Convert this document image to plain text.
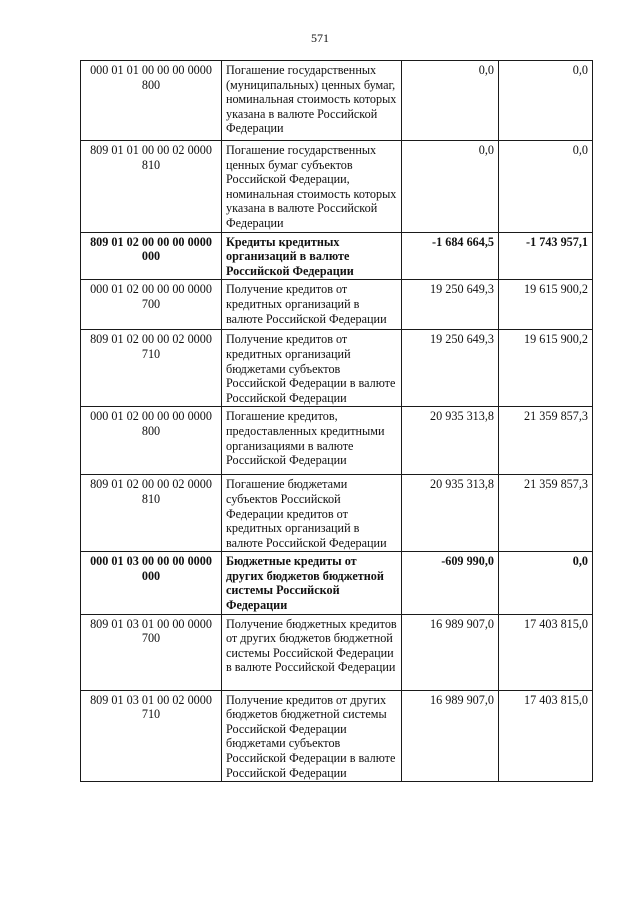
571
000 01 01 00 00 00 0000 800	Погашение государственных (муниципальных) ценных бумаг, номинальная стоимость которых указана в валюте Российской Федерации	0,0	0,0
809 01 01 00 00 02 0000 810	Погашение государственных ценных бумаг субъектов Российской Федерации, номинальная стоимость которых указана в валюте Российской Федерации	0,0	0,0
809 01 02 00 00 00 0000 000	Кредиты кредитных организаций в валюте Российской Федерации	-1 684 664,5	-1 743 957,1
000 01 02 00 00 00 0000 700	Получение кредитов от кредитных организаций в валюте Российской Федерации	19 250 649,3	19 615 900,2
809 01 02 00 00 02 0000 710	Получение кредитов от кредитных организаций бюджетами субъектов Российской Федерации в валюте Российской Федерации	19 250 649,3	19 615 900,2
000 01 02 00 00 00 0000 800	Погашение кредитов, предоставленных кредитными организациями в валюте Российской Федерации	20 935 313,8	21 359 857,3
809 01 02 00 00 02 0000 810	Погашение бюджетами субъектов Российской Федерации кредитов от кредитных организаций в валюте Российской Федерации	20 935 313,8	21 359 857,3
000 01 03 00 00 00 0000 000	Бюджетные кредиты от других бюджетов бюджетной системы Российской Федерации	-609 990,0	0,0
809 01 03 01 00 00 0000 700	Получение бюджетных кредитов от других бюджетов бюджетной системы Российской Федерации в валюте Российской Федерации	16 989 907,0	17 403 815,0
809 01 03 01 00 02 0000 710	Получение кредитов от других бюджетов бюджетной системы Российской Федерации бюджетами субъектов Российской Федерации в валюте Российской Федерации	16 989 907,0	17 403 815,0
